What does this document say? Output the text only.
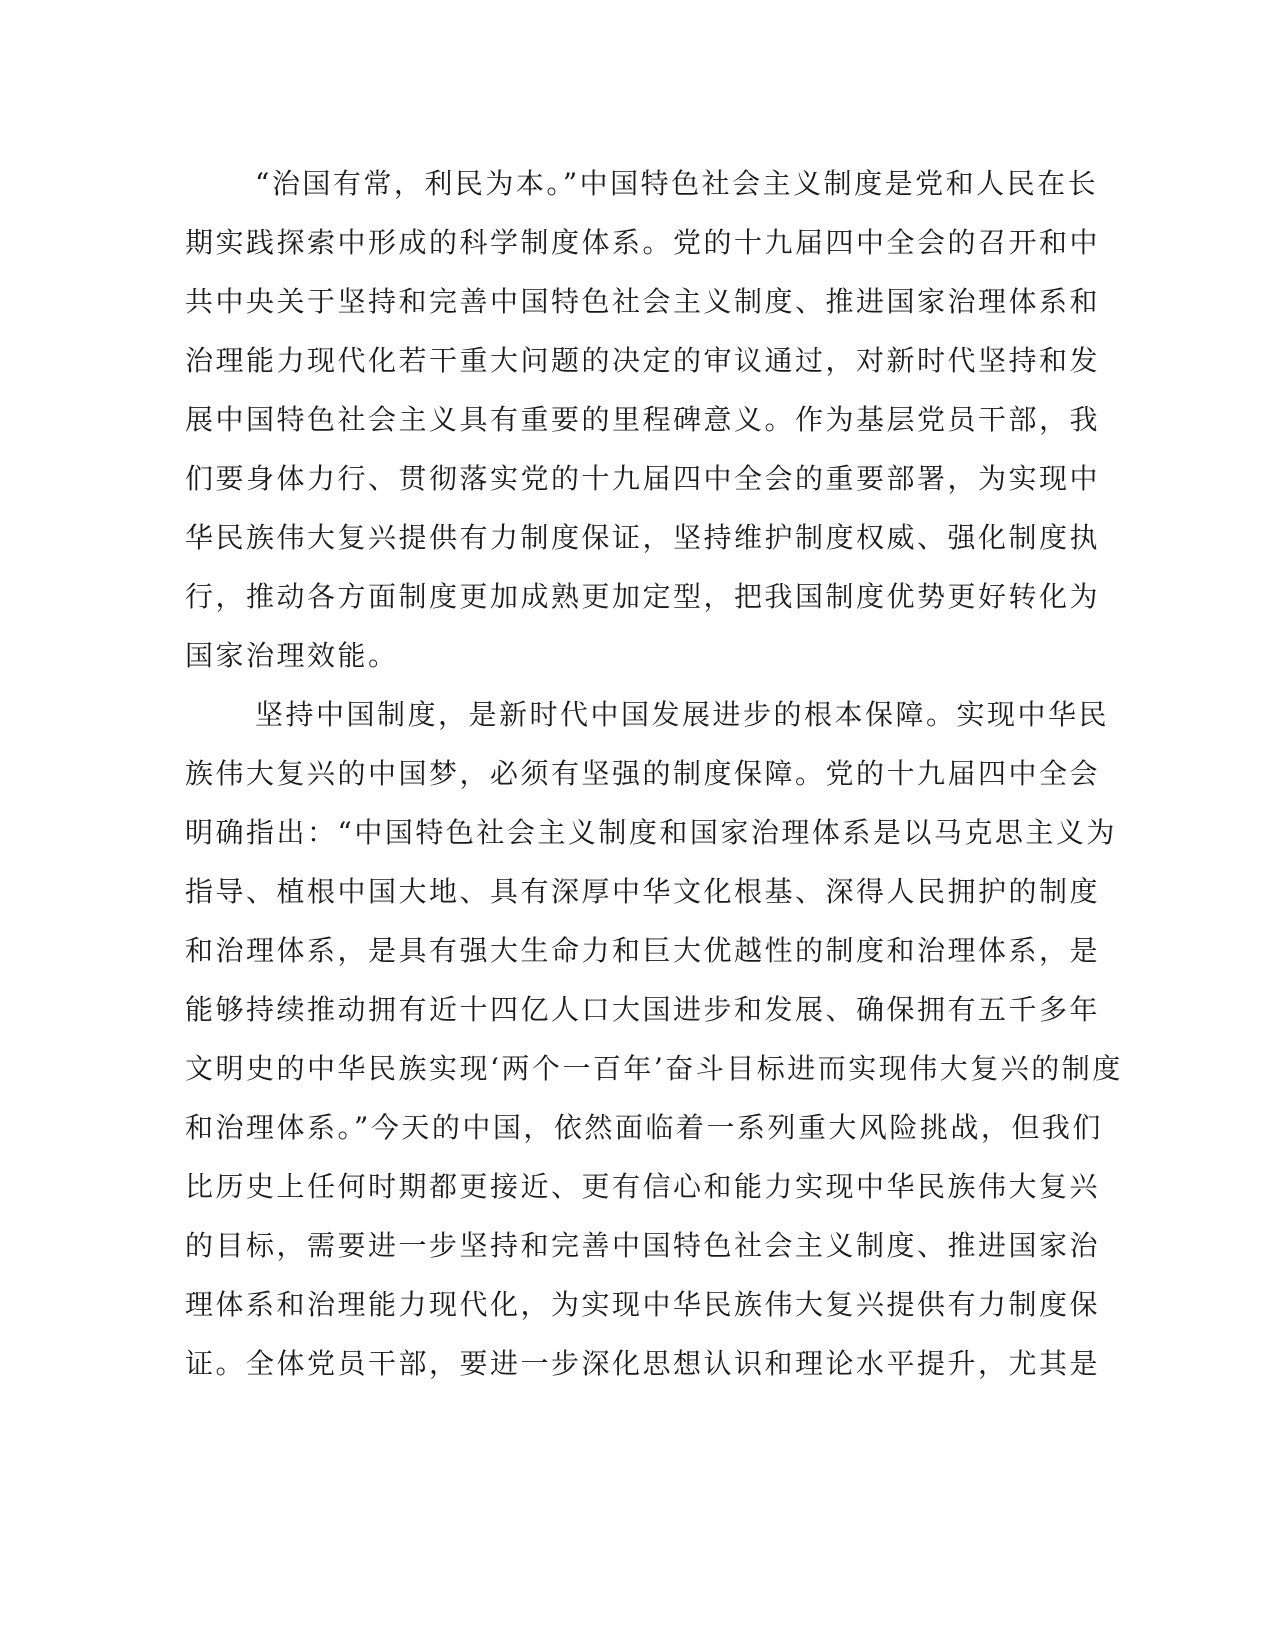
“治国有常，利民为本。”中国特色社会主义制度是党和人民在长
期实践探索中形成的科学制度体系。党的十九届四中全会的召开和中
共中央关于坚持和完善中国特色社会主义制度、推进国家治理体系和
治理能力现代化若干重大问题的决定的审议通过，对新时代坚持和发
展中国特色社会主义具有重要的里程碑意义。作为基层党员干部，我
们要身体力行、贯彻落实党的十九届四中全会的重要部署，为实现中
华民族伟大复兴提供有力制度保证，坚持维护制度权威、强化制度执
行，推动各方面制度更加成熟更加定型，把我国制度优势更好转化为
国家治理效能。
坚持中国制度，是新时代中国发展进步的根本保障。实现中华民
族伟大复兴的中国梦，必须有坚强的制度保障。党的十九届四中全会
明确指出：“中国特色社会主义制度和国家治理体系是以马克思主义为
指导、植根中国大地、具有深厚中华文化根基、深得人民拥护的制度
和治理体系，是具有强大生命力和巨大优越性的制度和治理体系，是
能够持续推动拥有近十四亿人口大国进步和发展、确保拥有五千多年
文明史的中华民族实现‘两个一百年’奋斗目标进而实现伟大复兴的制度
和治理体系。”今天的中国，依然面临着一系列重大风险挑战，但我们
比历史上任何时期都更接近、更有信心和能力实现中华民族伟大复兴
的目标，需要进一步坚持和完善中国特色社会主义制度、推进国家治
理体系和治理能力现代化，为实现中华民族伟大复兴提供有力制度保
证。全体党员干部，要进一步深化思想认识和理论水平提升，尤其是
